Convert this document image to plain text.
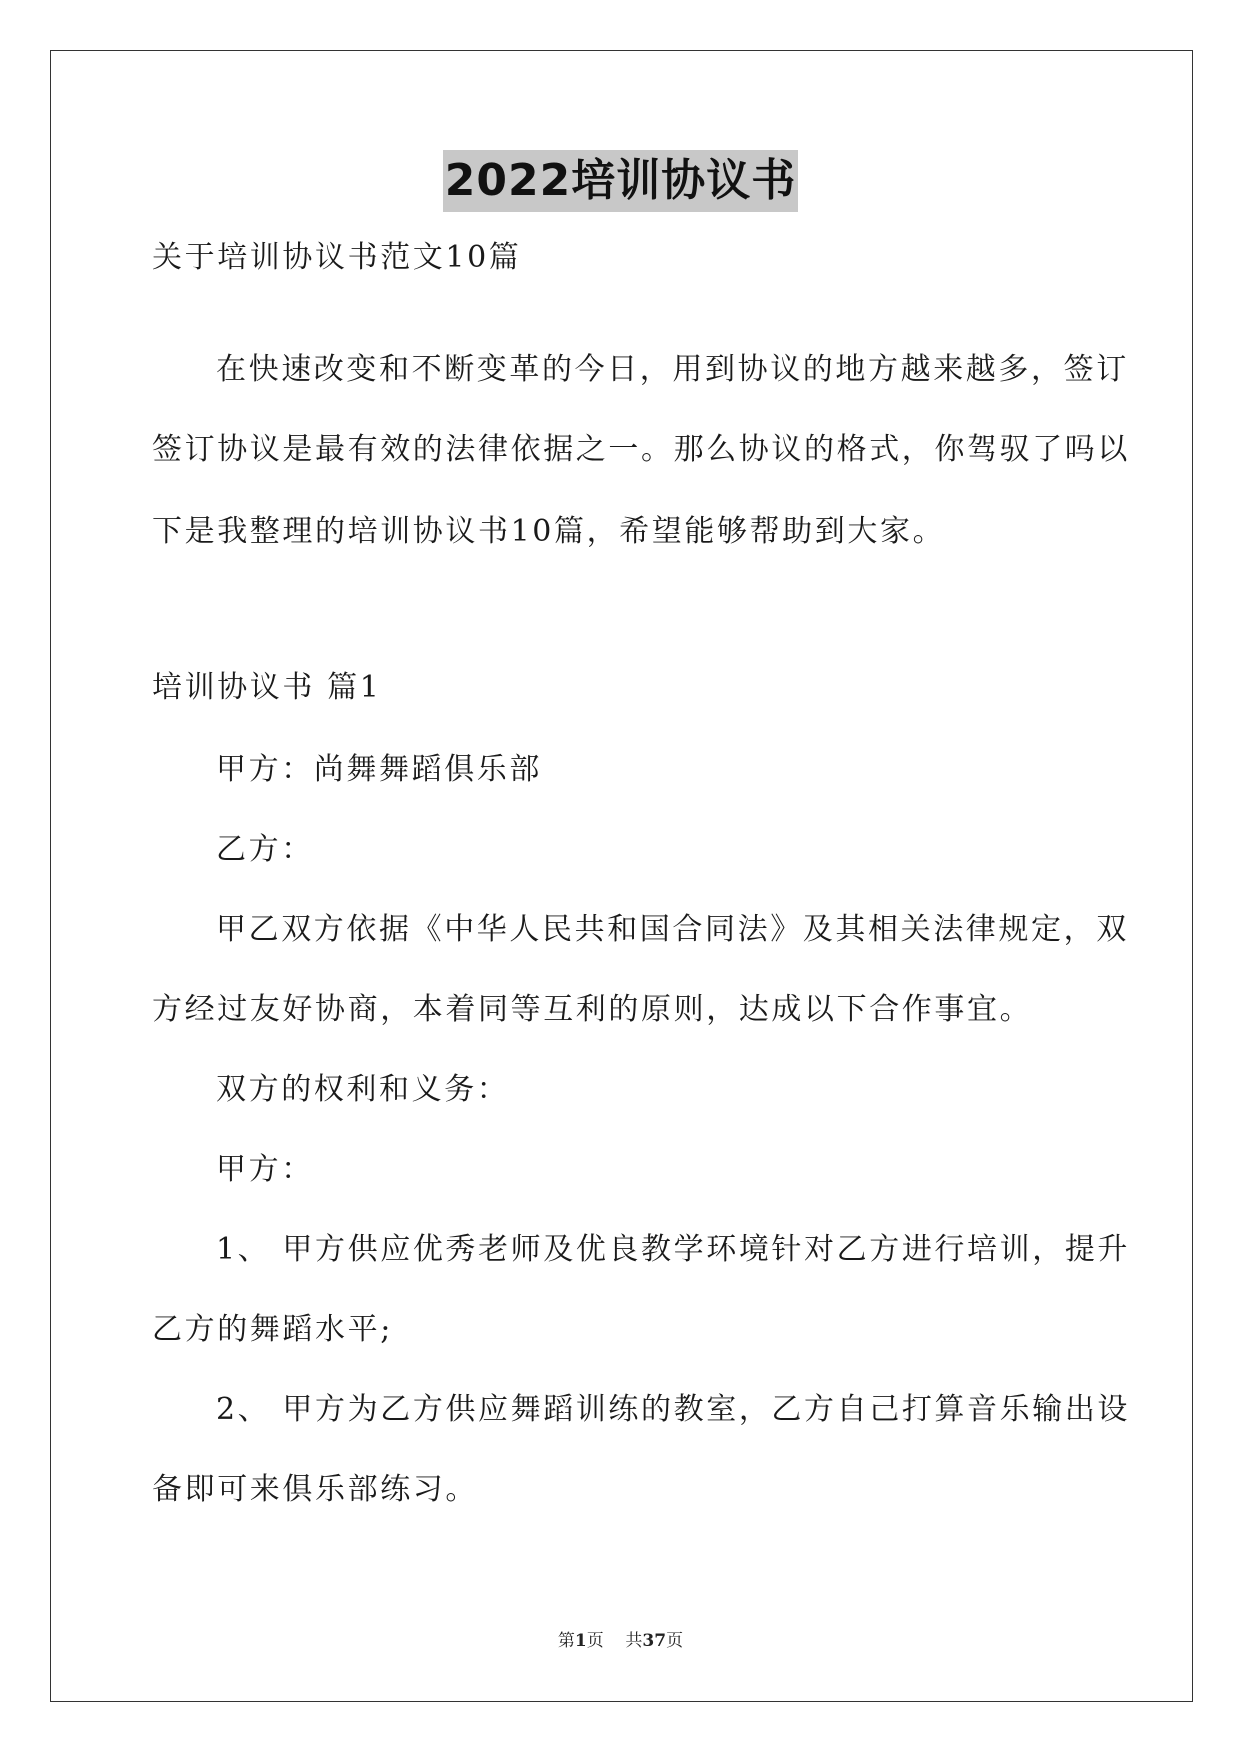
2022培训协议书
关于培训协议书范文10篇
在快速改变和不断变革的今日，用到协议的地方越来越多，签订
签订协议是最有效的法律依据之一。那么协议的格式，你驾驭了吗以
下是我整理的培训协议书10篇，希望能够帮助到大家。
培训协议书 篇1
甲方：尚舞舞蹈俱乐部
乙方：
甲乙双方依据《中华人民共和国合同法》及其相关法律规定，双
方经过友好协商，本着同等互利的原则，达成以下合作事宜。
双方的权利和义务：
甲方：
1、 甲方供应优秀老师及优良教学环境针对乙方进行培训，提升
乙方的舞蹈水平;
2、 甲方为乙方供应舞蹈训练的教室，乙方自己打算音乐输出设
备即可来俱乐部练习。
第1页    共37页
